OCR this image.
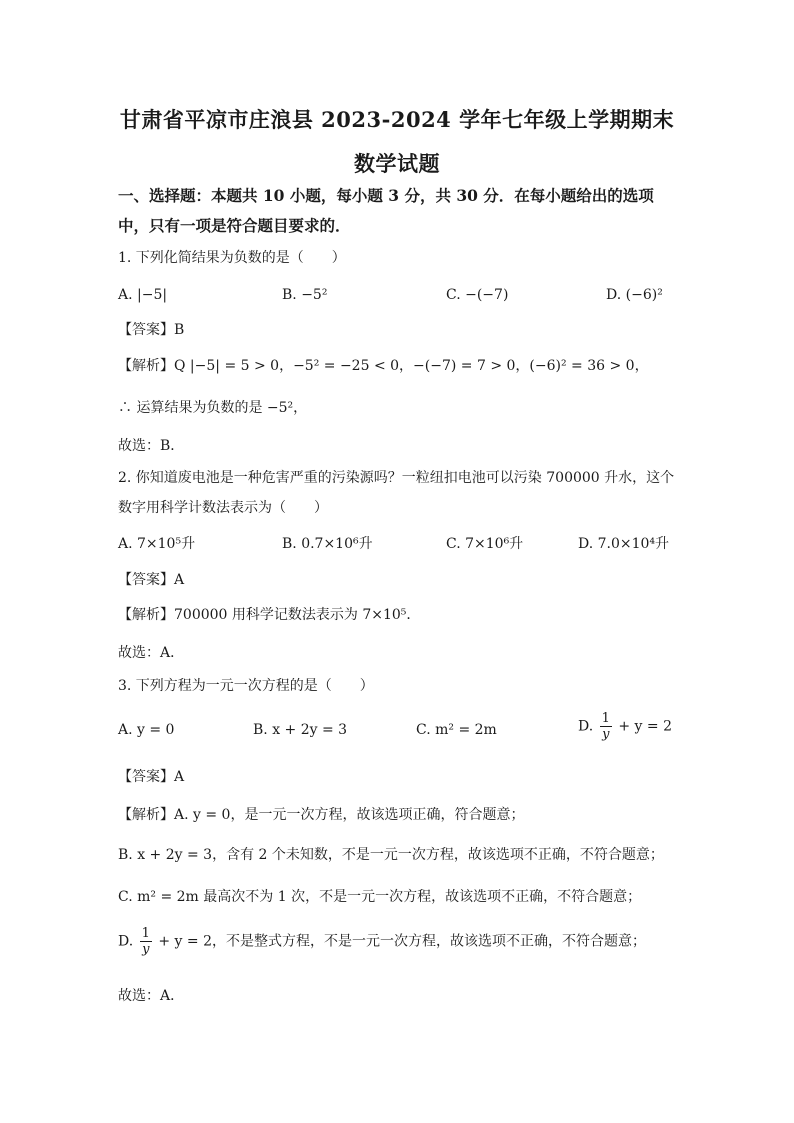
甘肃省平凉市庄浪县 2023-2024 学年七年级上学期期末
数学试题
一、选择题：本题共 10 小题，每小题 3 分，共 30 分．在每小题给出的选项
中，只有一项是符合题目要求的．
1. 下列化简结果为负数的是（　　）
A. |−5|	B. −5²	C. −(−7)	D. (−6)²
【答案】B
【解析】Q |−5| = 5 > 0，−5² = −25 < 0，−(−7) = 7 > 0，(−6)² = 36 > 0，
∴ 运算结果为负数的是 −5²，
故选：B．
2. 你知道废电池是一种危害严重的污染源吗？一粒纽扣电池可以污染 700000 升水，这个
数字用科学计数法表示为（　　）
A. 7×10⁵升	B. 0.7×10⁶升	C. 7×10⁶升	D. 7.0×10⁴升
【答案】A
【解析】700000 用科学记数法表示为 7×10⁵．
故选：A．
3. 下列方程为一元一次方程的是（　　）
A. y = 0	B. x + 2y = 3	C. m² = 2m	D. $\frac{1}{y} + y = 2$
【答案】A
【解析】A. y = 0，是一元一次方程，故该选项正确，符合题意；
B. x + 2y = 3，含有 2 个未知数，不是一元一次方程，故该选项不正确，不符合题意；
C. m² = 2m 最高次不为 1 次，不是一元一次方程，故该选项不正确，不符合题意；
D. $\frac{1}{y} + y = 2$，不是整式方程，不是一元一次方程，故该选项不正确，不符合题意；
故选：A．
